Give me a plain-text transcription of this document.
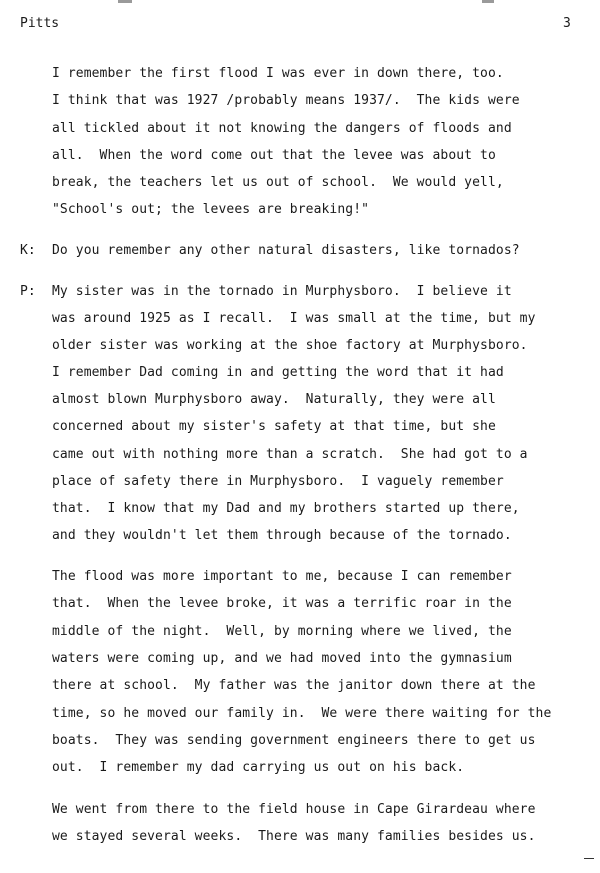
Pitts	3
I remember the first flood I was ever in down there, too.
I think that was 1927 /probably means 1937/.  The kids were
all tickled about it not knowing the dangers of floods and
all.  When the word come out that the levee was about to
break, the teachers let us out of school.  We would yell,
"School's out; the levees are breaking!"
K: Do you remember any other natural disasters, like tornados?
P: My sister was in the tornado in Murphysboro.  I believe it
was around 1925 as I recall.  I was small at the time, but my
older sister was working at the shoe factory at Murphysboro.
I remember Dad coming in and getting the word that it had
almost blown Murphysboro away.  Naturally, they were all
concerned about my sister's safety at that time, but she
came out with nothing more than a scratch.  She had got to a
place of safety there in Murphysboro.  I vaguely remember
that.  I know that my Dad and my brothers started up there,
and they wouldn't let them through because of the tornado.
The flood was more important to me, because I can remember
that.  When the levee broke, it was a terrific roar in the
middle of the night.  Well, by morning where we lived, the
waters were coming up, and we had moved into the gymnasium
there at school.  My father was the janitor down there at the
time, so he moved our family in.  We were there waiting for the
boats.  They was sending government engineers there to get us
out.  I remember my dad carrying us out on his back.
We went from there to the field house in Cape Girardeau where
we stayed several weeks.  There was many families besides us.
